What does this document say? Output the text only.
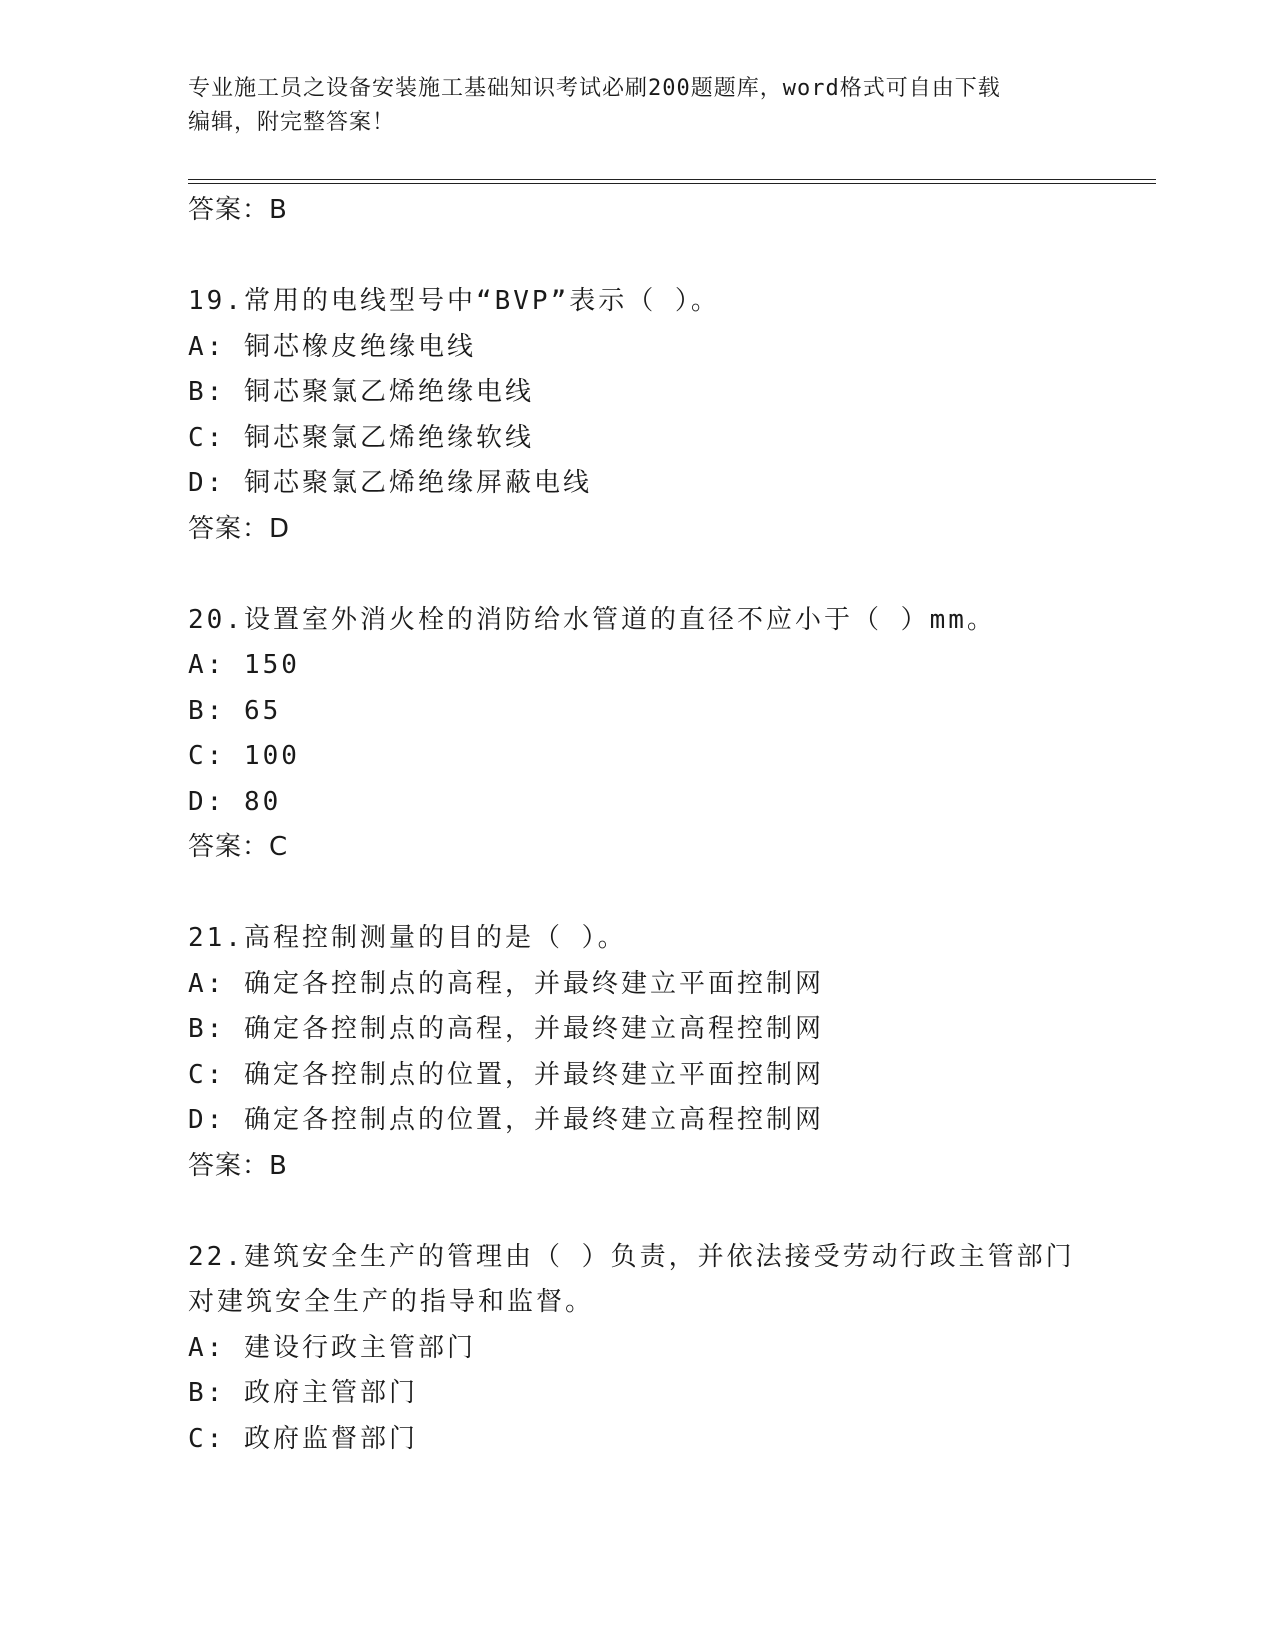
专业施工员之设备安装施工基础知识考试必刷200题题库，word格式可自由下载
编辑，附完整答案！
答案：B
19.常用的电线型号中“BVP”表示（ ）。
A: 铜芯橡皮绝缘电线
B: 铜芯聚氯乙烯绝缘电线
C: 铜芯聚氯乙烯绝缘软线
D: 铜芯聚氯乙烯绝缘屏蔽电线
答案：D
20.设置室外消火栓的消防给水管道的直径不应小于（ ）mm。
A: 150
B: 65
C: 100
D: 80
答案：C
21.高程控制测量的目的是（ ）。
A: 确定各控制点的高程，并最终建立平面控制网
B: 确定各控制点的高程，并最终建立高程控制网
C: 确定各控制点的位置，并最终建立平面控制网
D: 确定各控制点的位置，并最终建立高程控制网
答案：B
22.建筑安全生产的管理由（ ）负责，并依法接受劳动行政主管部门
对建筑安全生产的指导和监督。
A: 建设行政主管部门
B: 政府主管部门
C: 政府监督部门
